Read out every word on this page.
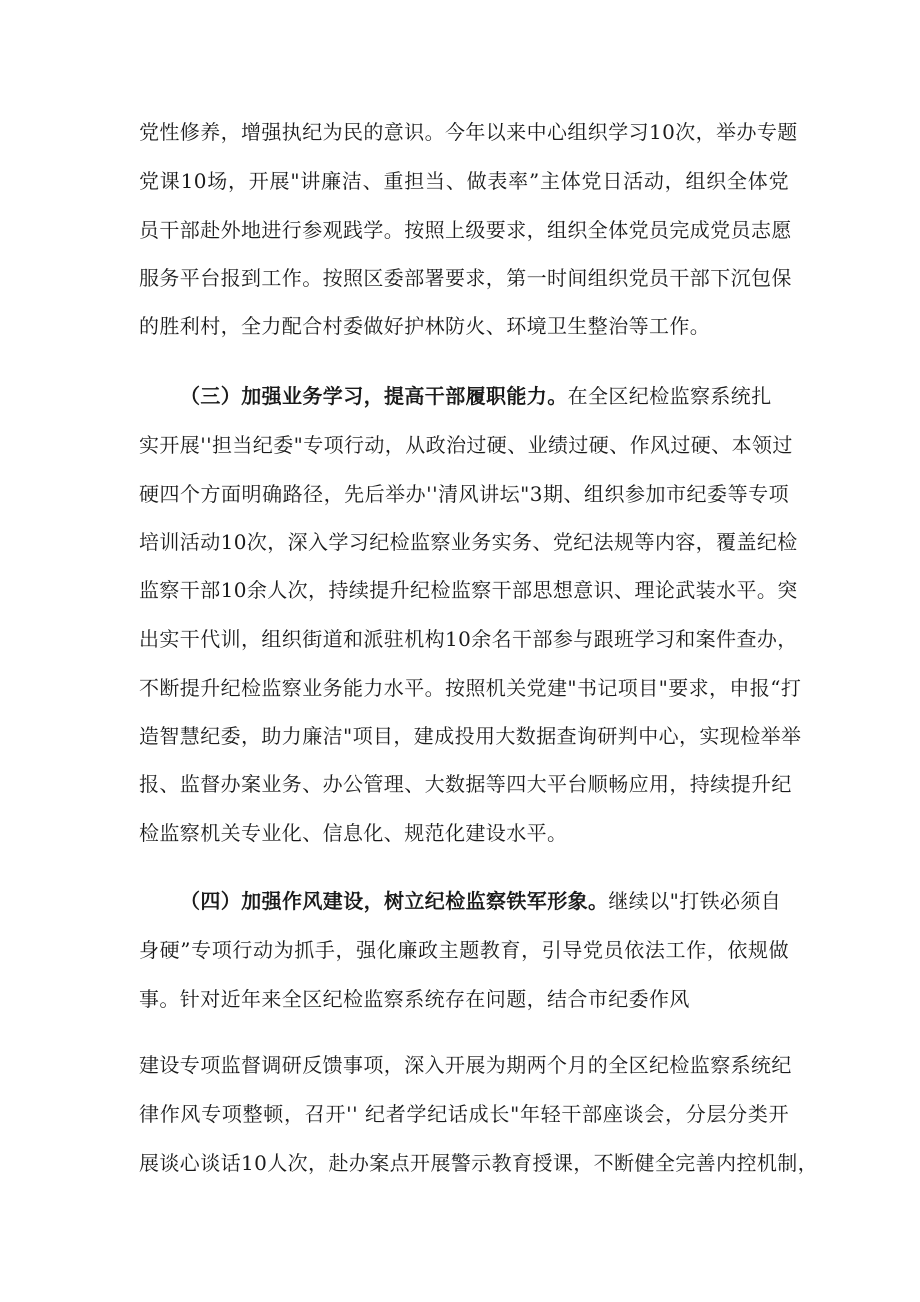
党性修养，增强执纪为民的意识。今年以来中心组织学习10次，举办专题
党课10场，开展"讲廉洁、重担当、做表率”主体党日活动，组织全体党
员干部赴外地进行参观践学。按照上级要求，组织全体党员完成党员志愿
服务平台报到工作。按照区委部署要求，第一时间组织党员干部下沉包保
的胜利村，全力配合村委做好护林防火、环境卫生整治等工作。
（三）加强业务学习，提高干部履职能力。在全区纪检监察系统扎
实开展''担当纪委"专项行动，从政治过硬、业绩过硬、作风过硬、本领过
硬四个方面明确路径，先后举办''清风讲坛"3期、组织参加市纪委等专项
培训活动10次，深入学习纪检监察业务实务、党纪法规等内容，覆盖纪检
监察干部10余人次，持续提升纪检监察干部思想意识、理论武装水平。突
出实干代训，组织街道和派驻机构10余名干部参与跟班学习和案件查办，
不断提升纪检监察业务能力水平。按照机关党建"书记项目"要求，申报“打
造智慧纪委，助力廉洁"项目，建成投用大数据查询研判中心，实现检举举
报、监督办案业务、办公管理、大数据等四大平台顺畅应用，持续提升纪
检监察机关专业化、信息化、规范化建设水平。
（四）加强作风建设，树立纪检监察铁军形象。继续以"打铁必须自
身硬”专项行动为抓手，强化廉政主题教育，引导党员依法工作，依规做
事。针对近年来全区纪检监察系统存在问题，结合市纪委作风
建设专项监督调研反馈事项，深入开展为期两个月的全区纪检监察系统纪
律作风专项整顿，召开'' 纪者学纪话成长"年轻干部座谈会，分层分类开
展谈心谈话10人次，赴办案点开展警示教育授课，不断健全完善内控机制，
